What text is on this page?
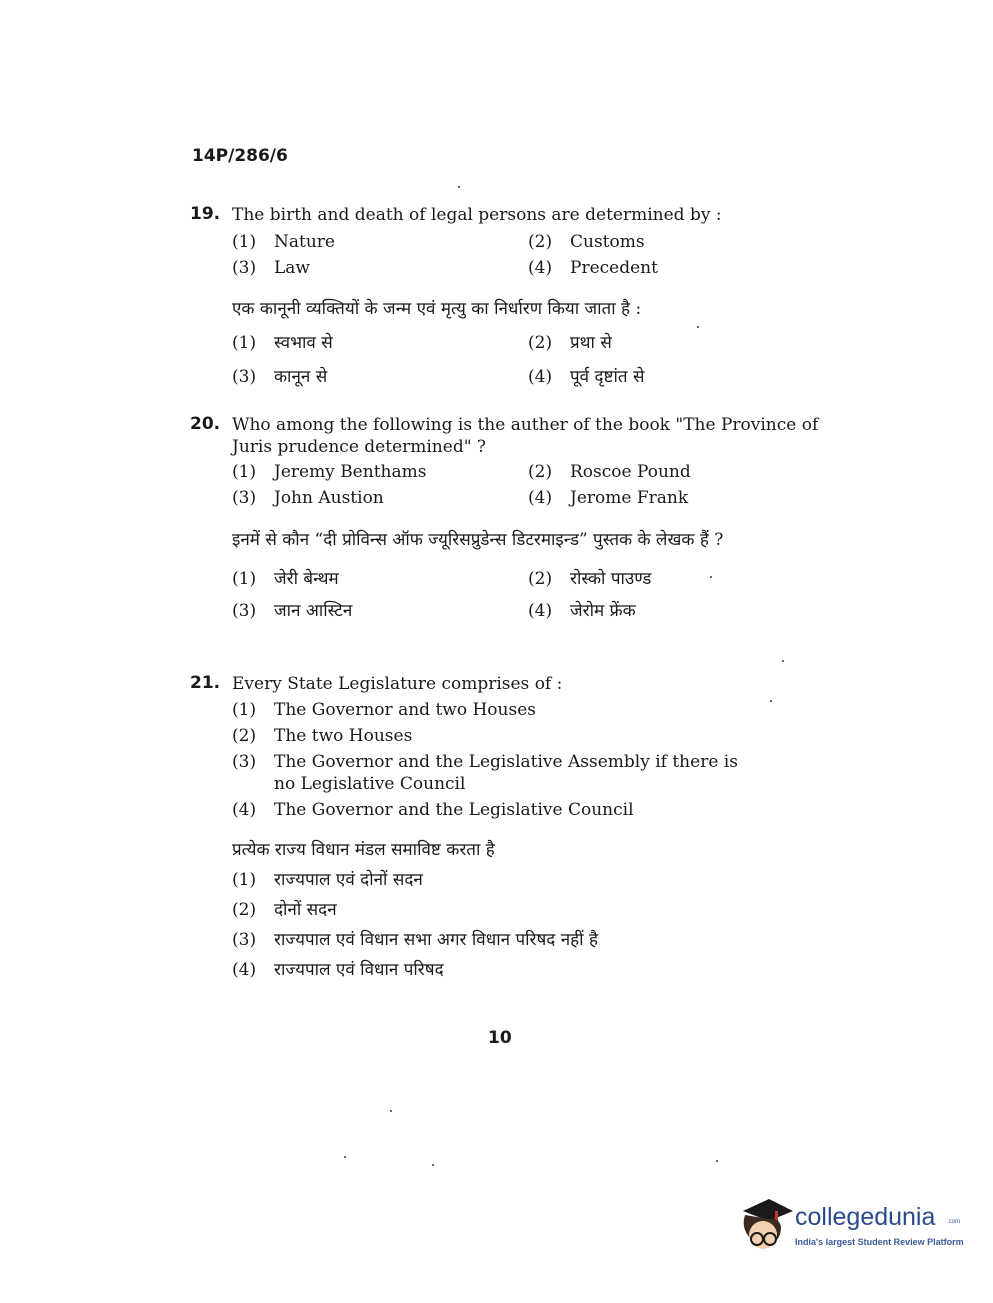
14P/286/6
19. The birth and death of legal persons are determined by :
(1) Nature	(2) Customs
(3) Law	(4) Precedent
एक कानूनी व्यक्तियों के जन्म एवं मृत्यु का निर्धारण किया जाता है :
(1) स्वभाव से	(2) प्रथा से
(3) कानून से	(4) पूर्व दृष्टांत से
20. Who among the following is the auther of the book "The Province of Juris prudence determined" ?
(1) Jeremy Benthams	(2) Roscoe Pound
(3) John Austion	(4) Jerome Frank
इनमें से कौन “दी प्रोविन्स ऑफ ज्यूरिसप्रुडेन्स डिटरमाइन्ड” पुस्तक के लेखक हैं ?
(1) जेरी बेन्थम	(2) रोस्को पाउण्ड
(3) जान आस्टिन	(4) जेरोम फ्रेंक
21. Every State Legislature comprises of :
(1)	The Governor and two Houses
(2)	The two Houses
(3)	The Governor and the Legislative Assembly if there is no Legislative Council
(4)	The Governor and the Legislative Council
प्रत्येक राज्य विधान मंडल समाविष्ट करता है
(1)	राज्यपाल एवं दोनों सदन
(2)	दोनों सदन
(3)	राज्यपाल एवं विधान सभा अगर विधान परिषद नहीं है
(4)	राज्यपाल एवं विधान परिषद
10
collegedunia .com
India's largest Student Review Platform
